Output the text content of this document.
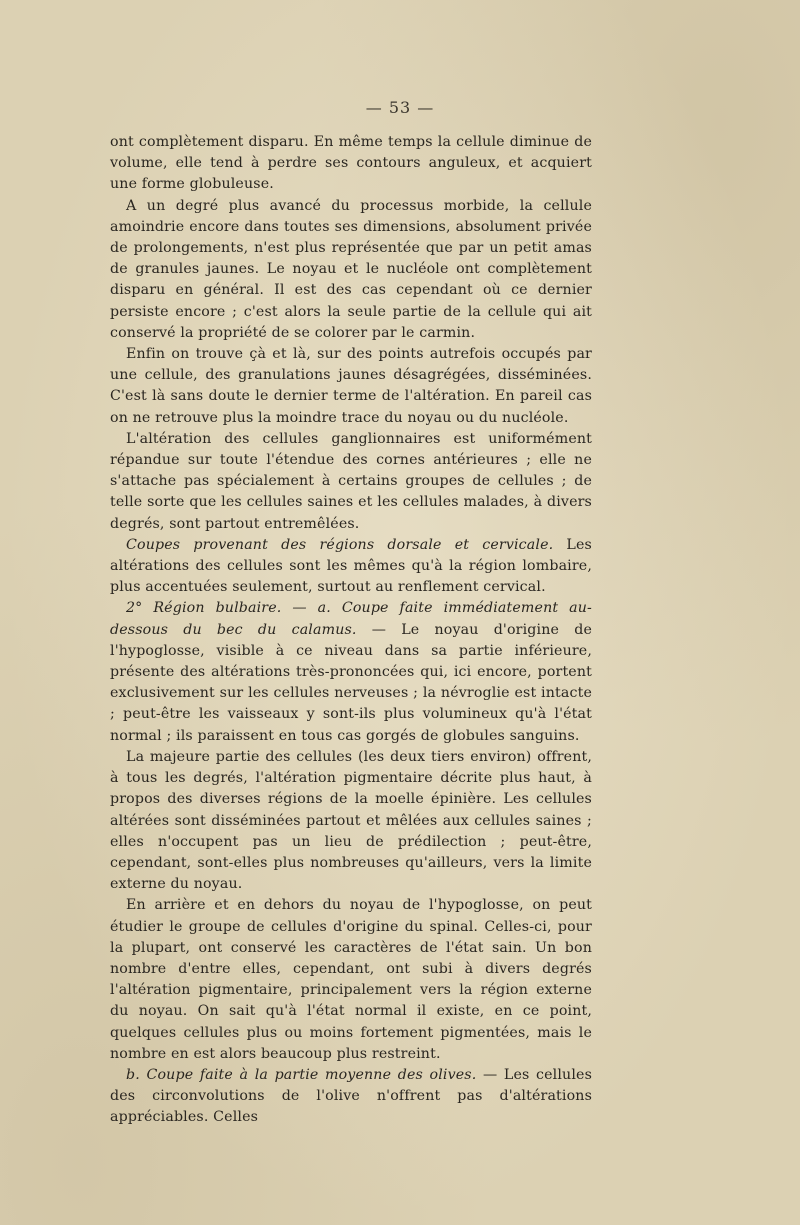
— 53 —

ont complètement disparu. En même temps la cellule diminue de volume, elle tend à perdre ses contours anguleux, et acquiert une forme globuleuse.

A un degré plus avancé du processus morbide, la cellule amoindrie encore dans toutes ses dimensions, absolument privée de prolongements, n'est plus représentée que par un petit amas de granules jaunes. Le noyau et le nucléole ont complètement disparu en général. Il est des cas cependant où ce dernier persiste encore ; c'est alors la seule partie de la cellule qui ait conservé la propriété de se colorer par le carmin.

Enfin on trouve çà et là, sur des points autrefois occupés par une cellule, des granulations jaunes désagrégées, disséminées. C'est là sans doute le dernier terme de l'altération. En pareil cas on ne retrouve plus la moindre trace du noyau ou du nucléole.

L'altération des cellules ganglionnaires est uniformément répandue sur toute l'étendue des cornes antérieures ; elle ne s'attache pas spécialement à certains groupes de cellules ; de telle sorte que les cellules saines et les cellules malades, à divers degrés, sont partout entremêlées.

Coupes provenant des régions dorsale et cervicale. Les altérations des cellules sont les mêmes qu'à la région lombaire, plus accentuées seulement, surtout au renflement cervical.

2° Région bulbaire. — a. Coupe faite immédiatement au-dessous du bec du calamus. — Le noyau d'origine de l'hypoglosse, visible à ce niveau dans sa partie inférieure, présente des altérations très-prononcées qui, ici encore, portent exclusivement sur les cellules nerveuses ; la névroglie est intacte ; peut-être les vaisseaux y sont-ils plus volumineux qu'à l'état normal ; ils paraissent en tous cas gorgés de globules sanguins.

La majeure partie des cellules (les deux tiers environ) offrent, à tous les degrés, l'altération pigmentaire décrite plus haut, à propos des diverses régions de la moelle épinière. Les cellules altérées sont disséminées partout et mêlées aux cellules saines ; elles n'occupent pas un lieu de prédilection ; peut-être, cependant, sont-elles plus nombreuses qu'ailleurs, vers la limite externe du noyau.

En arrière et en dehors du noyau de l'hypoglosse, on peut étudier le groupe de cellules d'origine du spinal. Celles-ci, pour la plupart, ont conservé les caractères de l'état sain. Un bon nombre d'entre elles, cependant, ont subi à divers degrés l'altération pigmentaire, principalement vers la région externe du noyau. On sait qu'à l'état normal il existe, en ce point, quelques cellules plus ou moins fortement pigmentées, mais le nombre en est alors beaucoup plus restreint.

b. Coupe faite à la partie moyenne des olives. — Les cellules des circonvolutions de l'olive n'offrent pas d'altérations appréciables. Celles
